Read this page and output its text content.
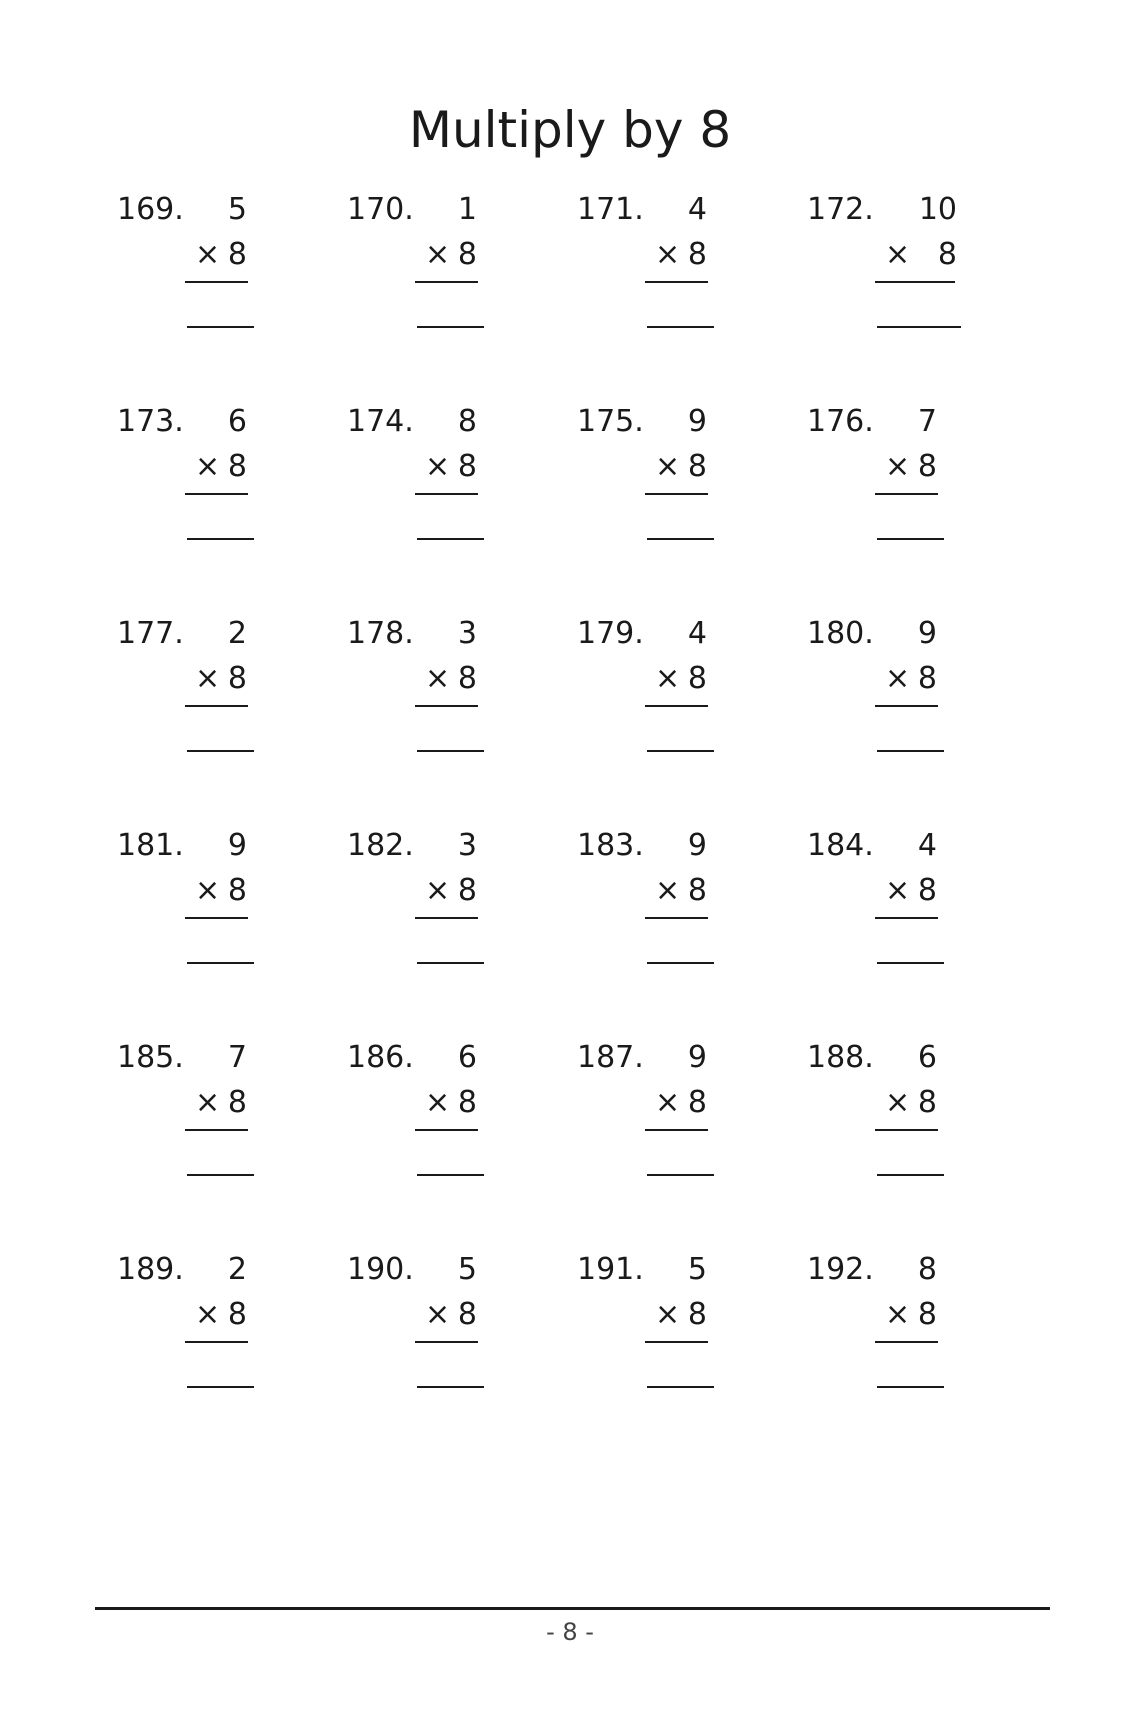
Multiply by 8
169. 5
× 8
170. 1
× 8
171. 4
× 8
172. 10
× 8
173. 6
× 8
174. 8
× 8
175. 9
× 8
176. 7
× 8
177. 2
× 8
178. 3
× 8
179. 4
× 8
180. 9
× 8
181. 9
× 8
182. 3
× 8
183. 9
× 8
184. 4
× 8
185. 7
× 8
186. 6
× 8
187. 9
× 8
188. 6
× 8
189. 2
× 8
190. 5
× 8
191. 5
× 8
192. 8
× 8
- 8 -
